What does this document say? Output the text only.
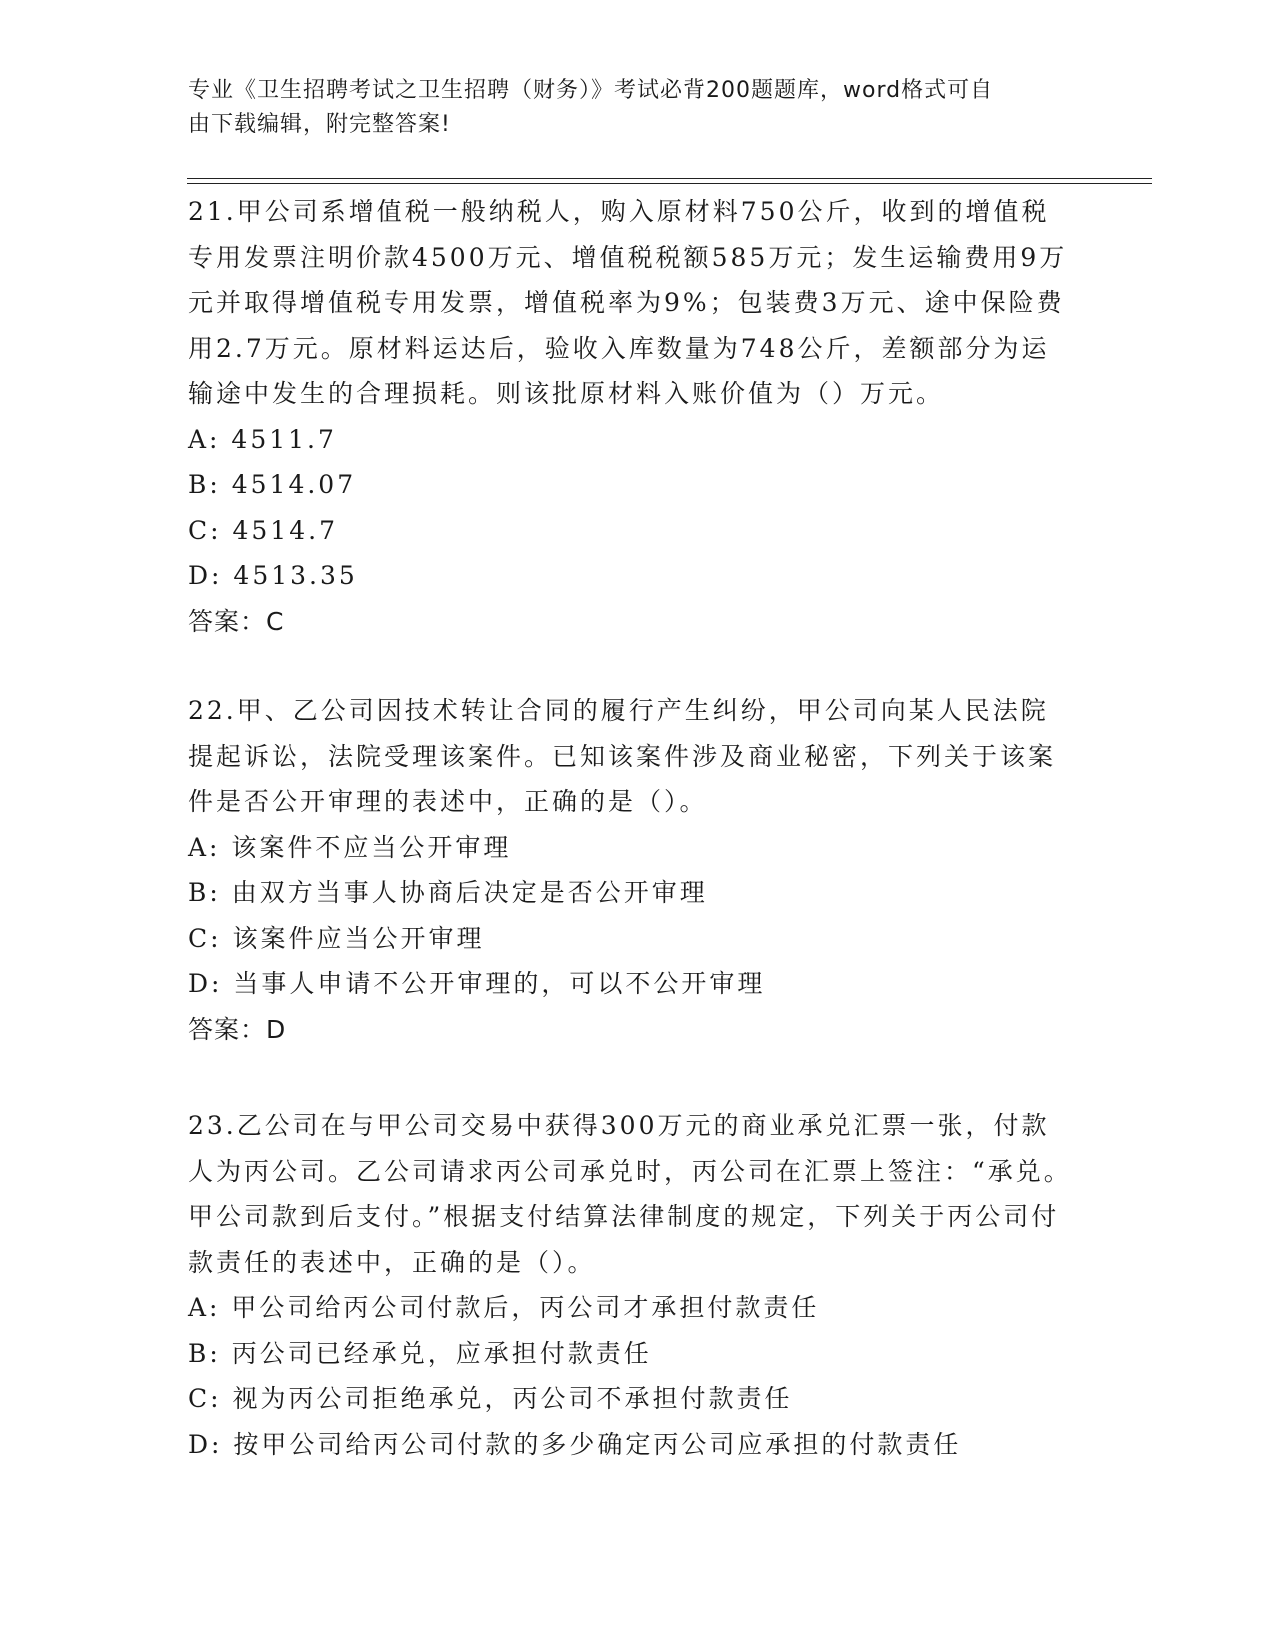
专业《卫生招聘考试之卫生招聘（财务）》考试必背200题题库，word格式可自
由下载编辑，附完整答案!

21.甲公司系增值税一般纳税人，购入原材料750公斤，收到的增值税专用发票注明价款4500万元、增值税税额585万元；发生运输费用9万元并取得增值税专用发票，增值税率为9%；包装费3万元、途中保险费用2.7万元。原材料运达后，验收入库数量为748公斤，差额部分为运输途中发生的合理损耗。则该批原材料入账价值为（）万元。

A: 4511.7

B: 4514.07

C: 4514.7

D: 4513.35

答案：C

22.甲、乙公司因技术转让合同的履行产生纠纷，甲公司向某人民法院提起诉讼，法院受理该案件。已知该案件涉及商业秘密，下列关于该案件是否公开审理的表述中，正确的是（）。

A: 该案件不应当公开审理

B: 由双方当事人协商后决定是否公开审理

C: 该案件应当公开审理

D: 当事人申请不公开审理的，可以不公开审理

答案：D

23.乙公司在与甲公司交易中获得300万元的商业承兑汇票一张，付款人为丙公司。乙公司请求丙公司承兑时，丙公司在汇票上签注：“承兑。甲公司款到后支付。”根据支付结算法律制度的规定，下列关于丙公司付款责任的表述中，正确的是（）。

A: 甲公司给丙公司付款后，丙公司才承担付款责任

B: 丙公司已经承兑，应承担付款责任

C: 视为丙公司拒绝承兑，丙公司不承担付款责任

D: 按甲公司给丙公司付款的多少确定丙公司应承担的付款责任
